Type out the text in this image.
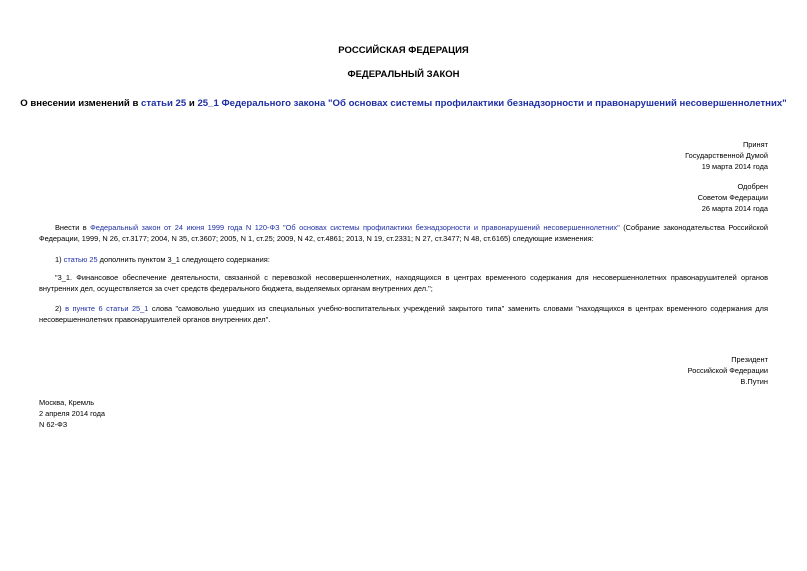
РОССИЙСКАЯ ФЕДЕРАЦИЯ
ФЕДЕРАЛЬНЫЙ ЗАКОН
О внесении изменений в статьи 25 и 25_1 Федерального закона "Об основах системы профилактики безнадзорности и правонарушений несовершеннолетних"
Принят
Государственной Думой
19 марта 2014 года
Одобрен
Советом Федерации
26 марта 2014 года
Внести в Федеральный закон от 24 июня 1999 года N 120-ФЗ "Об основах системы профилактики безнадзорности и правонарушений несовершеннолетних" (Собрание законодательства Российской Федерации, 1999, N 26, ст.3177; 2004, N 35, ст.3607; 2005, N 1, ст.25; 2009, N 42, ст.4861; 2013, N 19, ст.2331; N 27, ст.3477; N 48, ст.6165) следующие изменения:
1) статью 25 дополнить пунктом 3_1 следующего содержания:
"3_1. Финансовое обеспечение деятельности, связанной с перевозкой несовершеннолетних, находящихся в центрах временного содержания для несовершеннолетних правонарушителей органов внутренних дел, осуществляется за счет средств федерального бюджета, выделяемых органам внутренних дел.";
2) в пункте 6 статьи 25_1 слова "самовольно ушедших из специальных учебно-воспитательных учреждений закрытого типа" заменить словами "находящихся в центрах временного содержания для несовершеннолетних правонарушителей органов внутренних дел".
Президент
Российской Федерации
В.Путин
Москва, Кремль
2 апреля 2014 года
N 62-ФЗ
